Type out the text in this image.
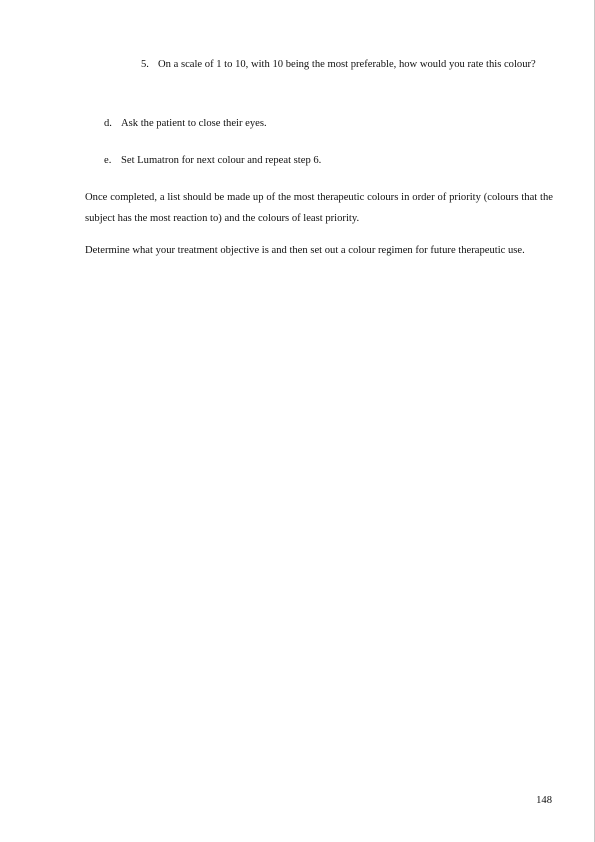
5. On a scale of 1 to 10, with 10 being the most preferable, how would you rate this colour?
d. Ask the patient to close their eyes.
e. Set Lumatron for next colour and repeat step 6.

Once completed, a list should be made up of the most therapeutic colours in order of priority (colours that the subject has the most reaction to) and the colours of least priority.

Determine what your treatment objective is and then set out a colour regimen for future therapeutic use.

148
